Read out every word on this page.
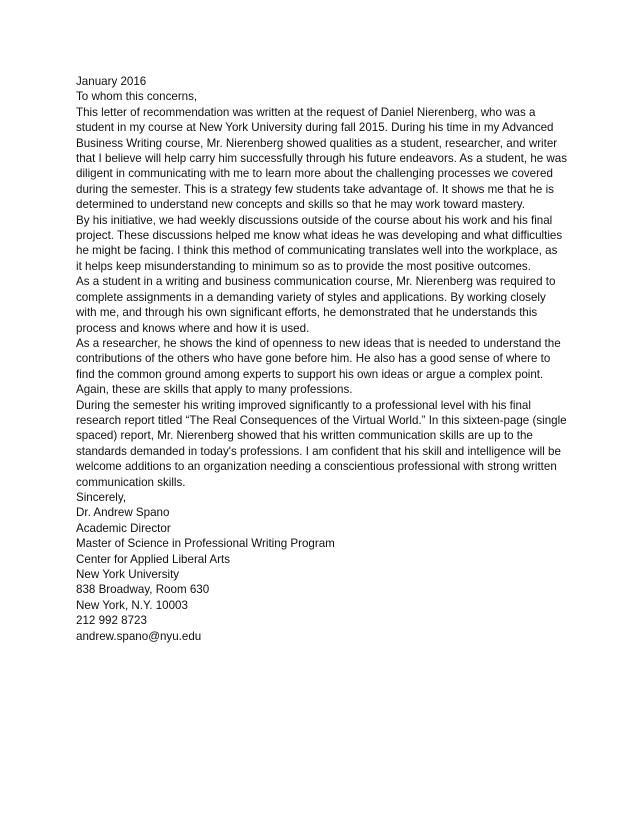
January 2016

To whom this concerns,

This letter of recommendation was written at the request of Daniel Nierenberg, who was a
student in my course at New York University during fall 2015. During his time in my Advanced
Business Writing course, Mr. Nierenberg showed qualities as a student, researcher, and writer
that I believe will help carry him successfully through his future endeavors. As a student, he was
diligent in communicating with me to learn more about the challenging processes we covered
during the semester. This is a strategy few students take advantage of. It shows me that he is
determined to understand new concepts and skills so that he may work toward mastery.

By his initiative, we had weekly discussions outside of the course about his work and his final
project. These discussions helped me know what ideas he was developing and what difficulties
he might be facing. I think this method of communicating translates well into the workplace, as
it helps keep misunderstanding to minimum so as to provide the most positive outcomes.

As a student in a writing and business communication course, Mr. Nierenberg was required to
complete assignments in a demanding variety of styles and applications. By working closely
with me, and through his own significant efforts, he demonstrated that he understands this
process and knows where and how it is used.

As a researcher, he shows the kind of openness to new ideas that is needed to understand the
contributions of the others who have gone before him. He also has a good sense of where to
find the common ground among experts to support his own ideas or argue a complex point.
Again, these are skills that apply to many professions.

During the semester his writing improved significantly to a professional level with his final
research report titled “The Real Consequences of the Virtual World.” In this sixteen-page (single
spaced) report, Mr. Nierenberg showed that his written communication skills are up to the
standards demanded in today's professions. I am confident that his skill and intelligence will be
welcome additions to an organization needing a conscientious professional with strong written
communication skills.

Sincerely,

Dr. Andrew Spano
Academic Director
Master of Science in Professional Writing Program
Center for Applied Liberal Arts
New York University
838 Broadway, Room 630
New York, N.Y. 10003
212 992 8723
andrew.spano@nyu.edu
